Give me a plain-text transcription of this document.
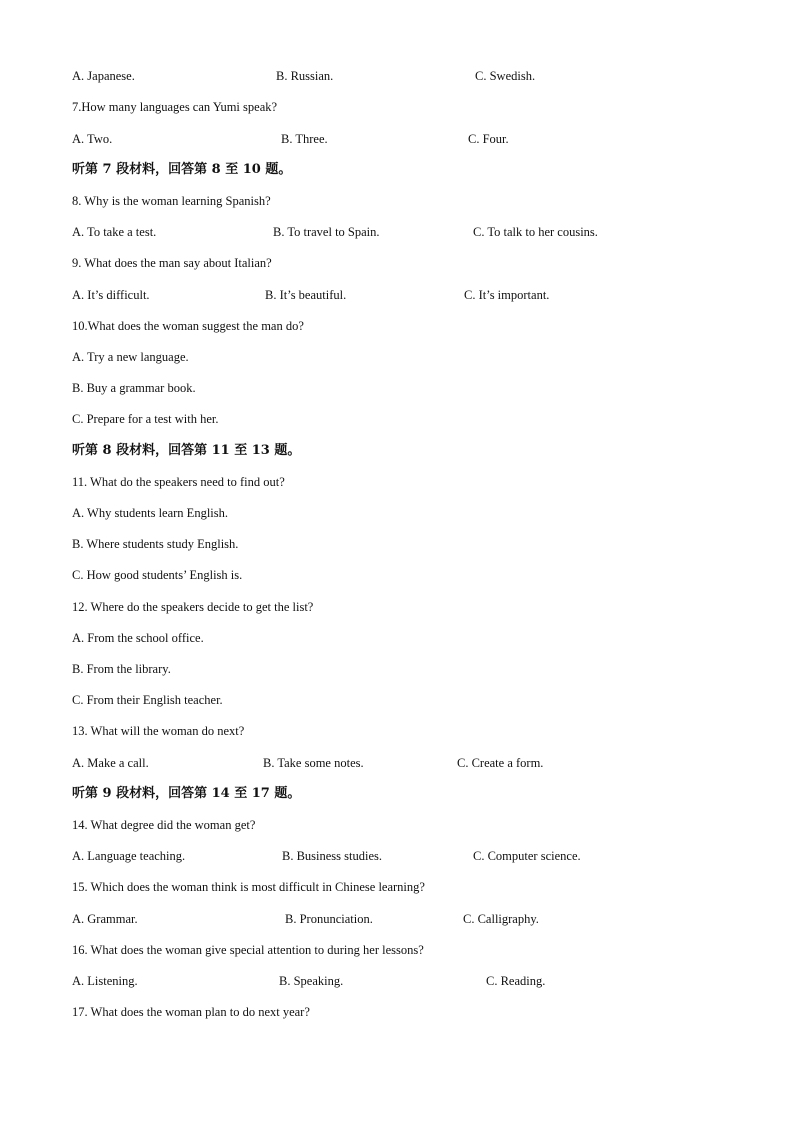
A. Japanese.	B. Russian.	C. Swedish.
7.How many languages can Yumi speak?
A. Two.	B. Three.	C. Four.
听第 7 段材料，回答第 8 至 10 题。
8. Why is the woman learning Spanish?
A. To take a test.	B. To travel to Spain.	C. To talk to her cousins.
9. What does the man say about Italian?
A. It’s difficult.	B. It’s beautiful.	C. It’s important.
10.What does the woman suggest the man do?
A. Try a new language.
B. Buy a grammar book.
C. Prepare for a test with her.
听第 8 段材料，回答第 11 至 13 题。
11. What do the speakers need to find out?
A. Why students learn English.
B. Where students study English.
C. How good students’ English is.
12. Where do the speakers decide to get the list?
A. From the school office.
B. From the library.
C. From their English teacher.
13. What will the woman do next?
A. Make a call.	B. Take some notes.	C. Create a form.
听第 9 段材料，回答第 14 至 17 题。
14. What degree did the woman get?
A. Language teaching.	B. Business studies.	C. Computer science.
15. Which does the woman think is most difficult in Chinese learning?
A. Grammar.	B. Pronunciation.	C. Calligraphy.
16. What does the woman give special attention to during her lessons?
A. Listening.	B. Speaking.	C. Reading.
17. What does the woman plan to do next year?
